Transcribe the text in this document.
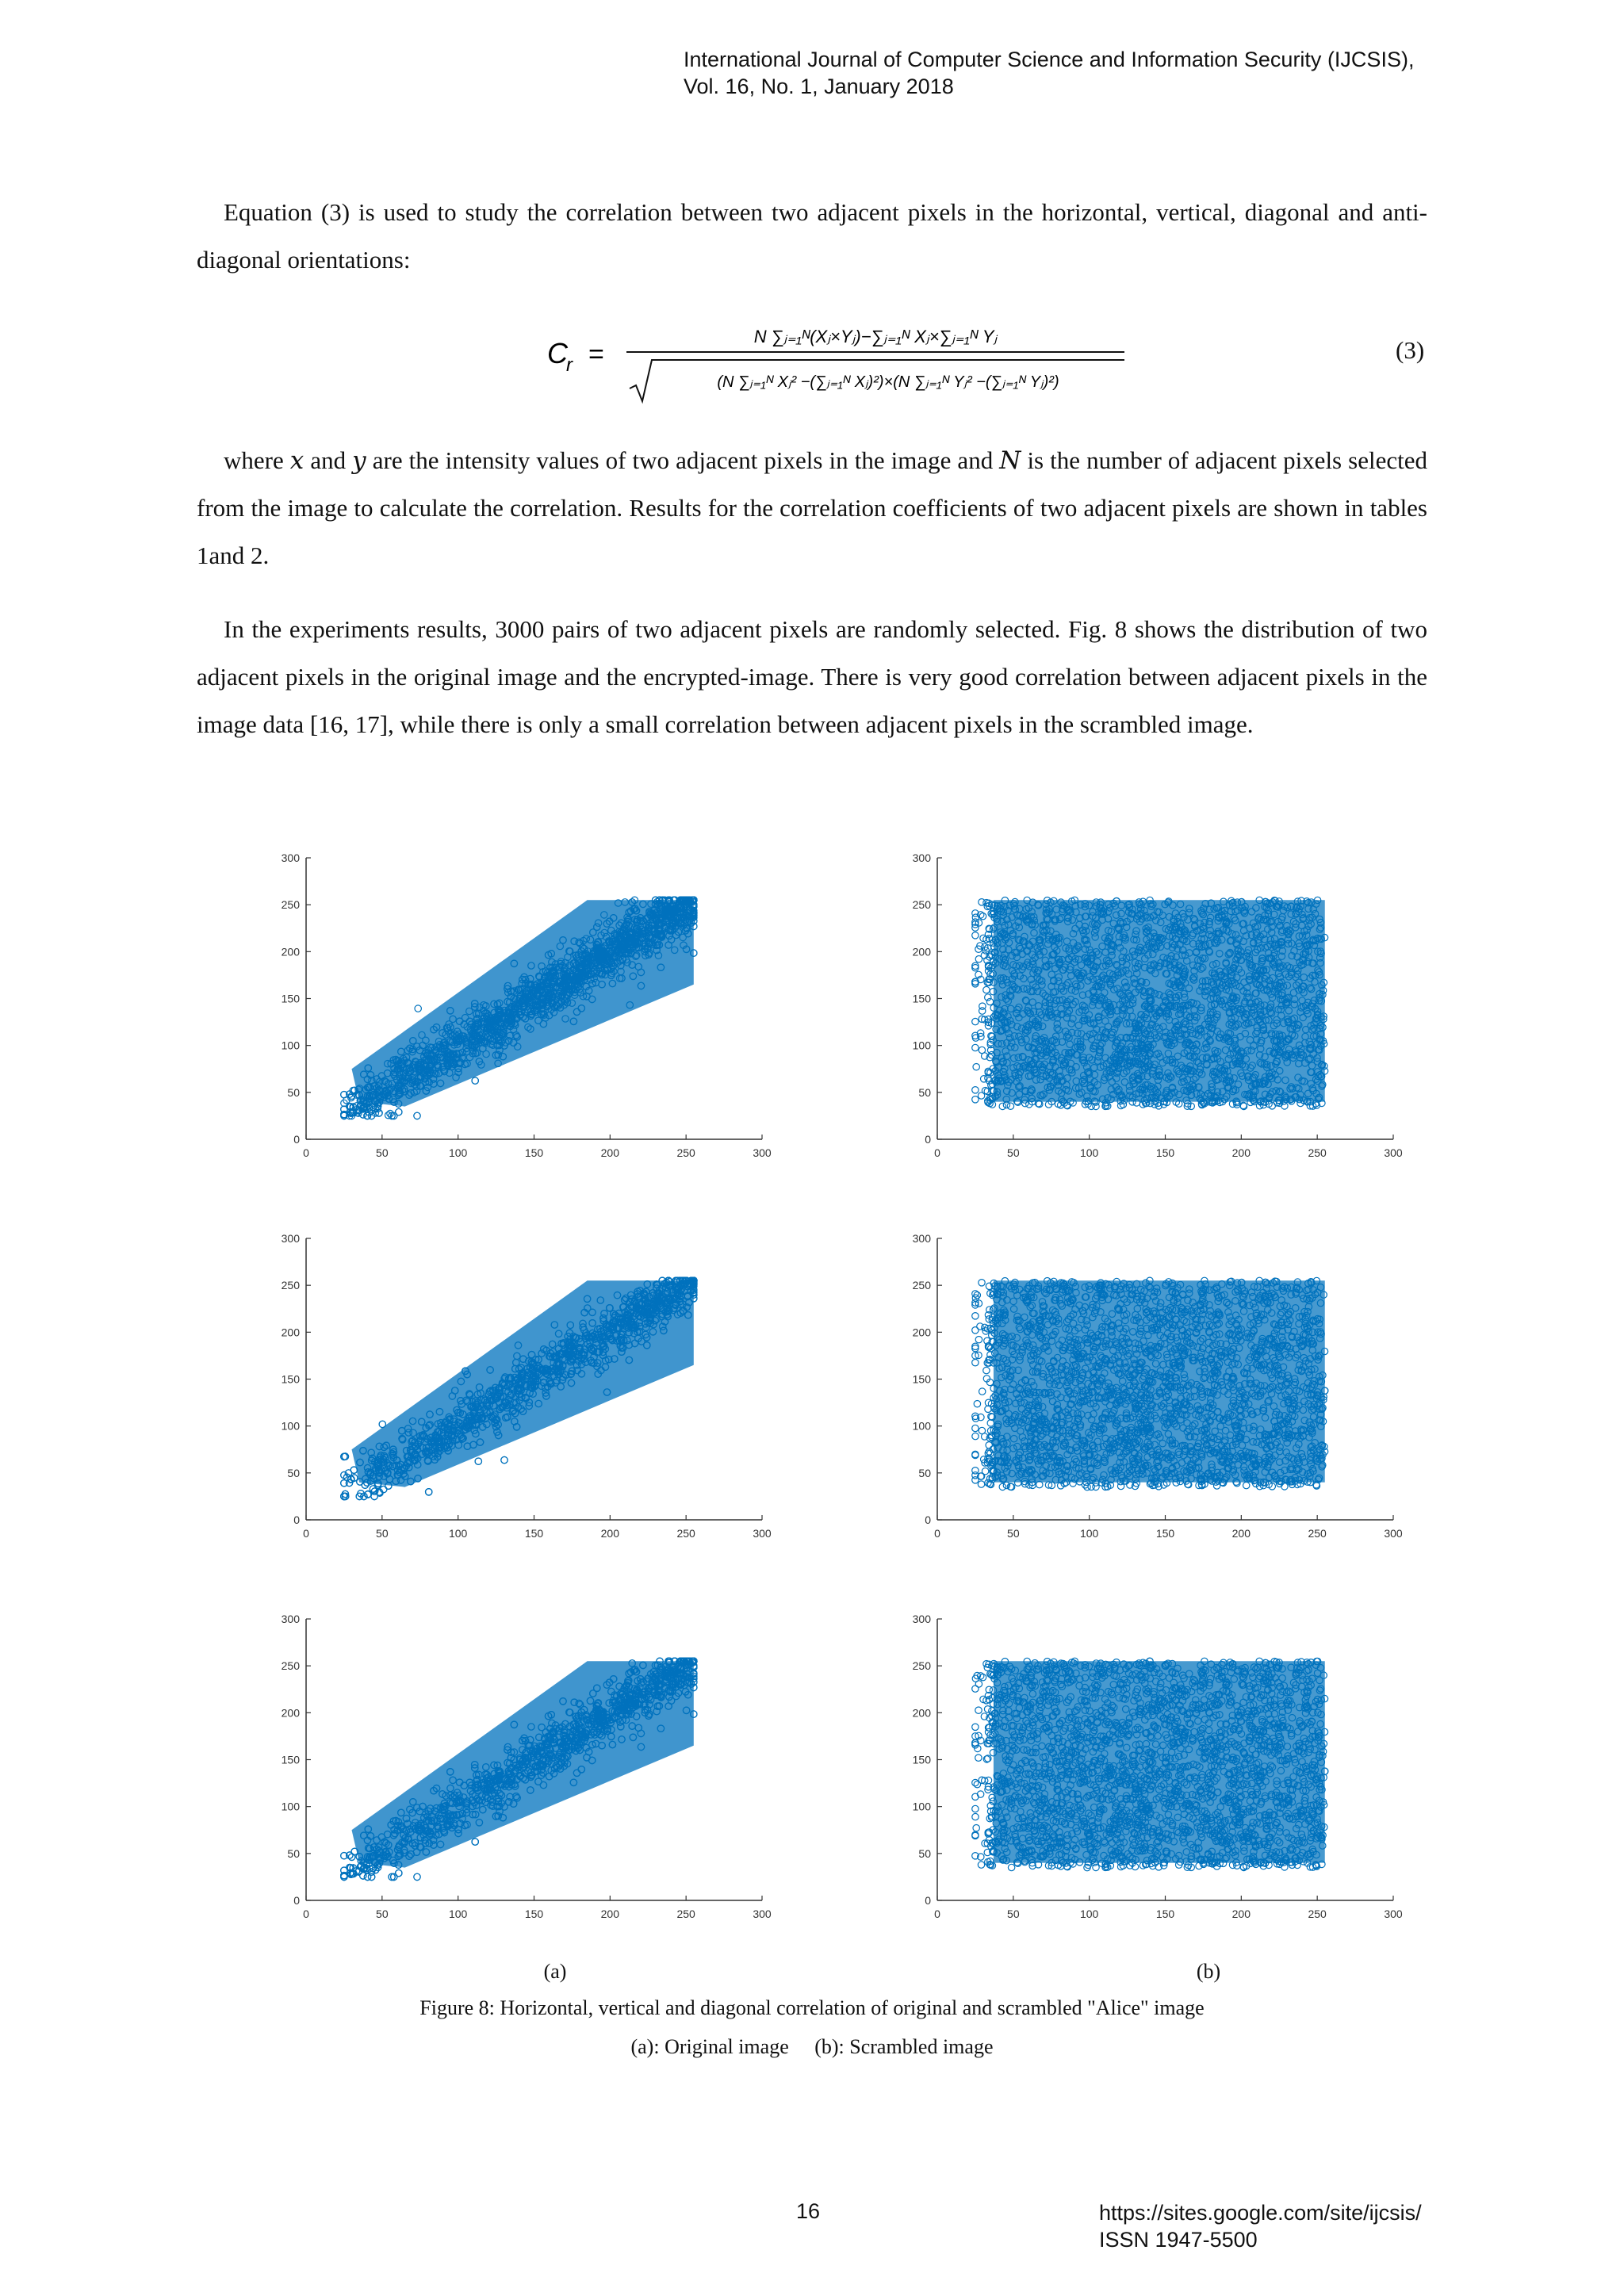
International Journal of Computer Science and Information Security (IJCSIS),
Vol. 16, No. 1, January 2018

Equation (3) is used to study the correlation between two adjacent pixels in the horizontal, vertical, diagonal and anti-diagonal orientations:

C
r =
N ∑ⱼ₌₁ᴺ(Xⱼ×Yⱼ)−∑ⱼ₌₁ᴺ Xⱼ×∑ⱼ₌₁ᴺ Yⱼ
(N ∑ⱼ₌₁ᴺ Xⱼ² −(∑ⱼ₌₁ᴺ Xⱼ)²)×(N ∑ⱼ₌₁ᴺ Yⱼ² −(∑ⱼ₌₁ᴺ Yⱼ)²)
(3)

where x and y are the intensity values of two adjacent pixels in the image and N is the number of adjacent pixels selected from the image to calculate the correlation. Results for the correlation coefficients of two adjacent pixels are shown in tables 1and 2.

In the experiments results, 3000 pairs of two adjacent pixels are randomly selected. Fig. 8 shows the distribution of two adjacent pixels in the original image and the encrypted-image. There is very good correlation between adjacent pixels in the image data [16, 17], while there is only a small correlation between adjacent pixels in the scrambled image.

0	50	100	150	200	250	300
0
50
100
150
200
250
300
0	50	100	150	200	250	300
0
50
100
150
200
250
300
0	50	100	150	200	250	300
0
50
100
150
200
250
300
0	50	100	150	200	250	300
0
50
100
150
200
250
300
0	50	100	150	200	250	300
0
50
100
150
200
250
300
0	50	100	150	200	250	300
0
50
100
150
200
250
300
(a)	(b)
Figure 8: Horizontal, vertical and diagonal correlation of original and scrambled "Alice" image
(a): Original image     (b): Scrambled image
16	https://sites.google.com/site/ijcsis/
ISSN 1947-5500
